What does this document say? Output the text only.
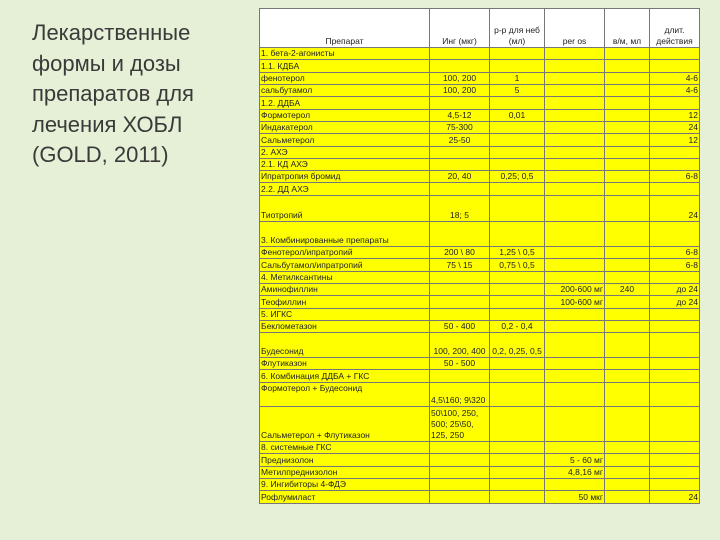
Лекарственные
формы и дозы
препаратов для
лечения ХОБЛ
(GOLD, 2011)
Препарат	Инг (мкг)	р-р для неб (мл)	per os	в/м, мл	длит. действия
1. бета-2-агонисты					
1.1. КДБА					
фенотерол	100, 200	1			4-6
сальбутамол	100, 200	5			4-6
1.2. ДДБА					
Формотерол	4,5-12	0,01			12
Индакатерол	75-300				24
Сальметерол	25-50				12
2. АХЭ					
2.1. КД АХЭ					
Ипратропия бромид	20, 40	0,25; 0,5			6-8
2.2. ДД АХЭ					
Тиотропий	18; 5				24
3. Комбинированные препараты					
Фенотерол/ипратропий	200 \ 80	1,25 \ 0,5			6-8
Сальбутамол/ипратропий	75 \ 15	0,75 \ 0,5			6-8
4. Метилксантины					
Аминофиллин			200-600 мг	240	до 24
Теофиллин			100-600 мг		до 24
5. ИГКС					
Беклометазон	50 - 400	0,2 - 0,4			
Будесонид	100, 200, 400	0,2, 0,25, 0,5			
Флутиказон	50 - 500				
6. Комбинация ДДБА + ГКС					
Формотерол + Будесонид	4,5\160; 9\320				
Сальметерол + Флутиказон	50\100, 250, 500; 25\50, 125, 250				
8. системные ГКС					
Преднизолон			5 - 60 мг		
Метилпреднизолон			4,8,16 мг		
9. Ингибиторы 4-ФДЭ					
Рофлумиласт			50 мкг		24
